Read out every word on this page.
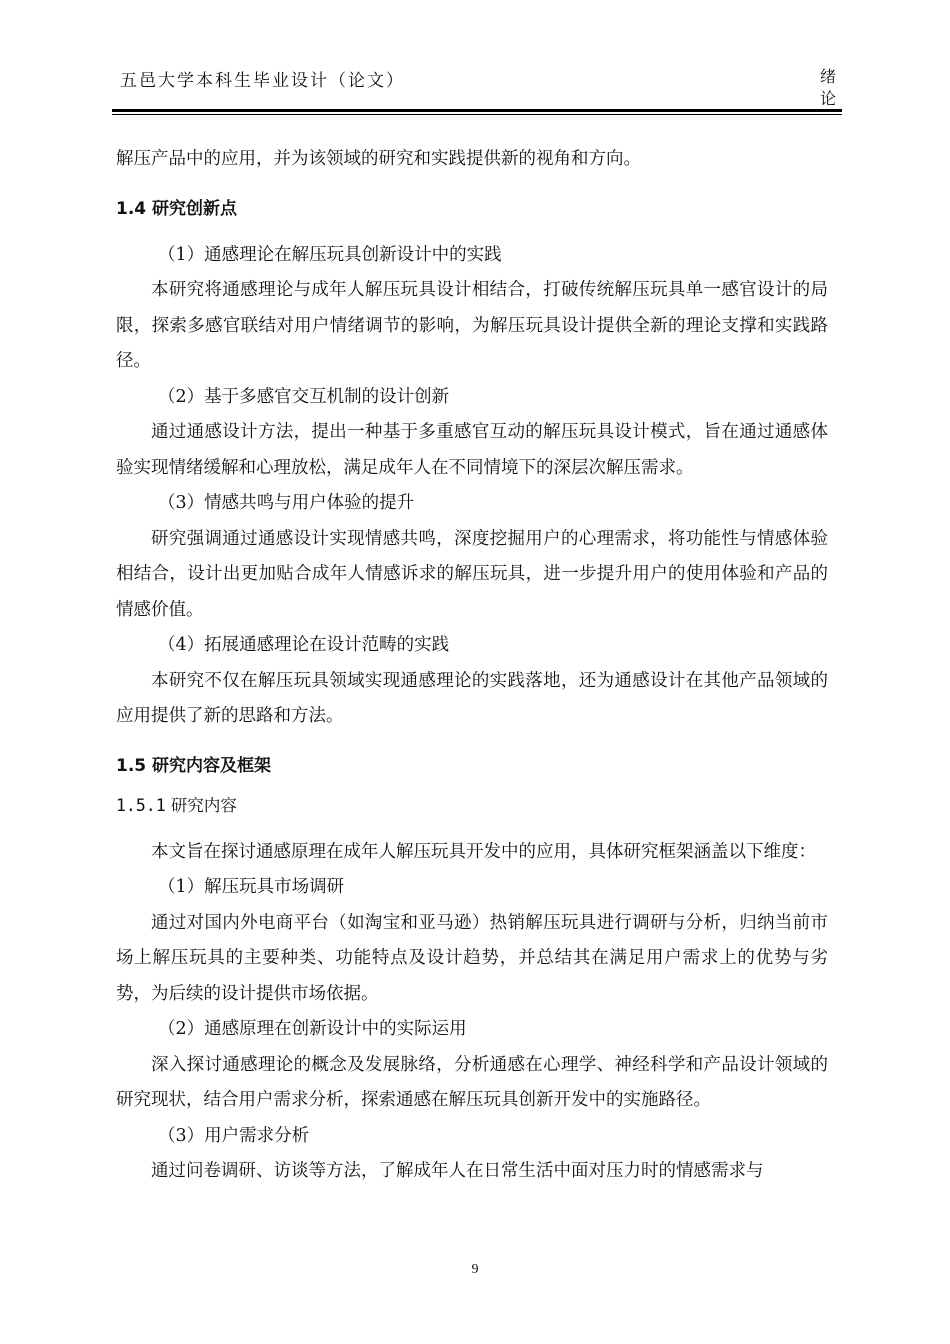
五邑大学本科生毕业设计（论文）	绪论

解压产品中的应用，并为该领域的研究和实践提供新的视角和方向。

1.4 研究创新点

（1）通感理论在解压玩具创新设计中的实践

本研究将通感理论与成年人解压玩具设计相结合，打破传统解压玩具单一感官设计的局限，探索多感官联结对用户情绪调节的影响，为解压玩具设计提供全新的理论支撑和实践路径。

（2）基于多感官交互机制的设计创新

通过通感设计方法，提出一种基于多重感官互动的解压玩具设计模式，旨在通过通感体验实现情绪缓解和心理放松，满足成年人在不同情境下的深层次解压需求。

（3）情感共鸣与用户体验的提升

研究强调通过通感设计实现情感共鸣，深度挖掘用户的心理需求，将功能性与情感体验相结合，设计出更加贴合成年人情感诉求的解压玩具，进一步提升用户的使用体验和产品的情感价值。

（4）拓展通感理论在设计范畴的实践

本研究不仅在解压玩具领域实现通感理论的实践落地，还为通感设计在其他产品领域的应用提供了新的思路和方法。

1.5 研究内容及框架
1.5.1 研究内容

本文旨在探讨通感原理在成年人解压玩具开发中的应用，具体研究框架涵盖以下维度：

（1）解压玩具市场调研

通过对国内外电商平台（如淘宝和亚马逊）热销解压玩具进行调研与分析，归纳当前市场上解压玩具的主要种类、功能特点及设计趋势，并总结其在满足用户需求上的优势与劣势，为后续的设计提供市场依据。

（2）通感原理在创新设计中的实际运用

深入探讨通感理论的概念及发展脉络，分析通感在心理学、神经科学和产品设计领域的研究现状，结合用户需求分析，探索通感在解压玩具创新开发中的实施路径。

（3）用户需求分析

通过问卷调研、访谈等方法，了解成年人在日常生活中面对压力时的情感需求与

9
